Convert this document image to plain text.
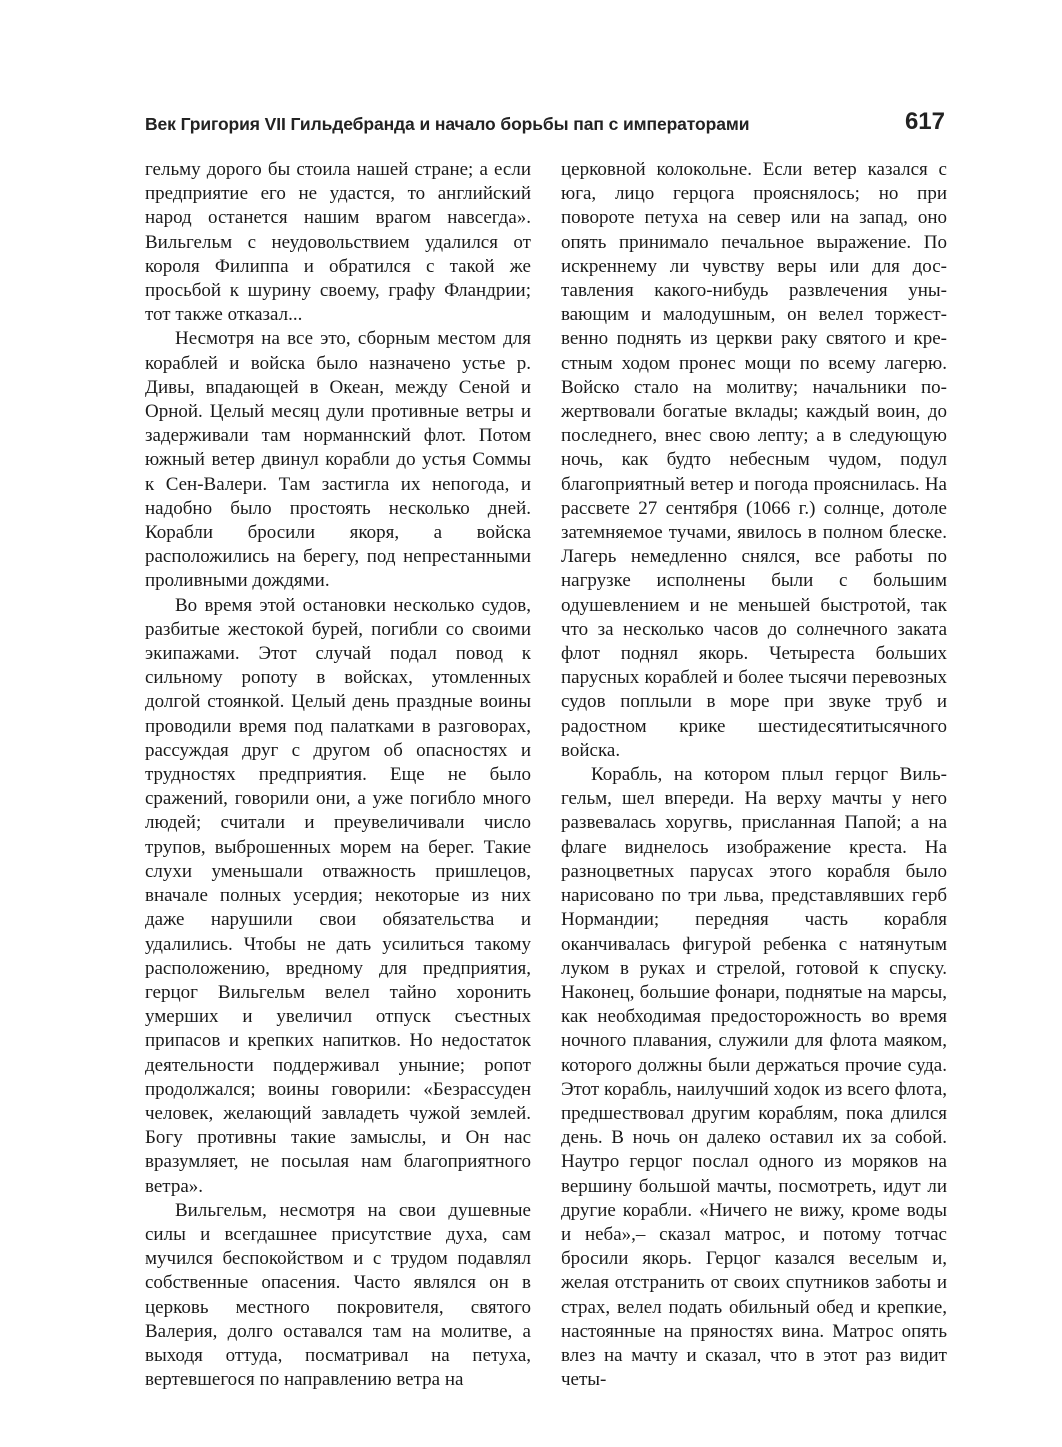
Век Григория VII Гильдебранда и начало борьбы пап с императорами	617

гельму дорого бы стоила нашей стране; а если предприятие его не удастся, то английский народ останется нашим врагом навсегда». Вильгельм с неудовольствием удалился от короля Филиппа и обратился с такой же просьбой к шурину своему, графу Фландрии; тот также отказал...

Несмотря на все это, сборным местом для кораблей и войска было назначено устье р. Дивы, впадающей в Океан, между Сеной и Орной. Целый месяц дули противные ветры и задерживали там норманнский флот. Потом южный ветер двинул корабли до устья Соммы к Сен-Валери. Там застигла их непогода, и надобно было простоять несколько дней. Корабли бросили якоря, а войска расположились на берегу, под непрестанными проливными дождями.

Во время этой остановки несколько судов, разбитые жестокой бурей, погибли со своими экипажами. Этот случай подал повод к сильному ропоту в войсках, утомленных долгой стоянкой. Целый день праздные воины проводили время под палатками в разговорах, рассуждая друг с другом об опасностях и трудностях предприятия. Еще не было сражений, говорили они, а уже погибло много людей; считали и преувеличивали число трупов, выброшенных морем на берег. Такие слухи уменьшали отважность пришлецов, вначале полных усердия; некоторые из них даже нарушили свои обязательства и удалились. Чтобы не дать усилиться такому расположению, вредному для предприятия, герцог Вильгельм велел тайно хоронить умерших и увеличил отпуск съестных припасов и крепких напитков. Но недостаток деятельности поддерживал уныние; ропот продолжался; воины говорили: «Безрассуден человек, желающий завладеть чужой землей. Богу противны такие замыслы, и Он нас вразумляет, не посылая нам благоприятного ветра».

Вильгельм, несмотря на свои душевные силы и всегдашнее присутствие духа, сам мучился беспокойством и с трудом подавлял собственные опасения. Часто являлся он в церковь местного покровителя, святого Валерия, долго оставался там на молитве, а выходя оттуда, посматривал на петуха, вертевшегося по направлению ветра на

церковной колокольне. Если ветер казался с юга, лицо герцога прояснялось; но при повороте петуха на север или на запад, оно опять принимало печальное выражение. По искреннему ли чувству веры или для доставления какого-нибудь развлечения унывающим и малодушным, он велел торжественно поднять из церкви раку святого и крестным ходом пронес мощи по всему лагерю. Войско стало на молитву; начальники пожертвовали богатые вклады; каждый воин, до последнего, внес свою лепту; а в следующую ночь, как будто небесным чудом, подул благоприятный ветер и погода прояснилась. На рассвете 27 сентября (1066 г.) солнце, дотоле затемняемое тучами, явилось в полном блеске. Лагерь немедленно снялся, все работы по нагрузке исполнены были с большим одушевлением и не меньшей быстротой, так что за несколько часов до солнечного заката флот поднял якорь. Четыреста больших парусных кораблей и более тысячи перевозных судов поплыли в море при звуке труб и радостном крике шестидесятитысячного войска.

Корабль, на котором плыл герцог Вильгельм, шел впереди. На верху мачты у него развевалась хоругвь, присланная Папой; а на флаге виднелось изображение креста. На разноцветных парусах этого корабля было нарисовано по три льва, представлявших герб Нормандии; передняя часть корабля оканчивалась фигурой ребенка с натянутым луком в руках и стрелой, готовой к спуску. Наконец, большие фонари, поднятые на марсы, как необходимая предосторожность во время ночного плавания, служили для флота маяком, которого должны были держаться прочие суда. Этот корабль, наилучший ходок из всего флота, предшествовал другим кораблям, пока длился день. В ночь он далеко оставил их за собой. Наутро герцог послал одного из моряков на вершину большой мачты, посмотреть, идут ли другие корабли. «Ничего не вижу, кроме воды и неба»,– сказал матрос, и потому тотчас бросили якорь. Герцог казался веселым и, желая отстранить от своих спутников заботы и страх, велел подать обильный обед и крепкие, настоянные на пряностях вина. Матрос опять влез на мачту и сказал, что в этот раз видит четы-
